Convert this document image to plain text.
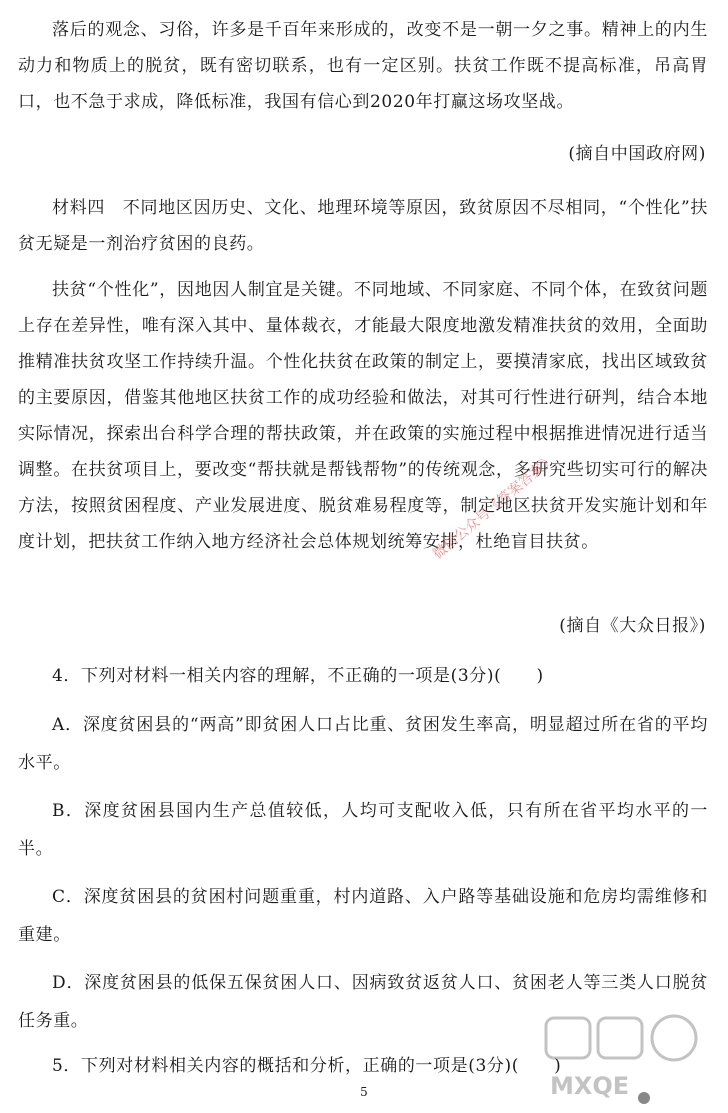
落后的观念、习俗，许多是千百年来形成的，改变不是一朝一夕之事。精神上的内生动力和物质上的脱贫，既有密切联系，也有一定区别。扶贫工作既不提高标准，吊高胃口，也不急于求成，降低标准，我国有信心到2020年打赢这场攻坚战。

(摘自中国政府网)

材料四　不同地区因历史、文化、地理环境等原因，致贫原因不尽相同，“个性化”扶贫无疑是一剂治疗贫困的良药。

扶贫“个性化”，因地因人制宜是关键。不同地域、不同家庭、不同个体，在致贫问题上存在差异性，唯有深入其中、量体裁衣，才能最大限度地激发精准扶贫的效用，全面助推精准扶贫攻坚工作持续升温。个性化扶贫在政策的制定上，要摸清家底，找出区域致贫的主要原因，借鉴其他地区扶贫工作的成功经验和做法，对其可行性进行研判，结合本地实际情况，探索出台科学合理的帮扶政策，并在政策的实施过程中根据推进情况进行适当调整。在扶贫项目上，要改变“帮扶就是帮钱帮物”的传统观念，多研究些切实可行的解决方法，按照贫困程度、产业发展进度、脱贫难易程度等，制定地区扶贫开发实施计划和年度计划，把扶贫工作纳入地方经济社会总体规划统筹安排，杜绝盲目扶贫。

(摘自《大众日报》)

4．下列对材料一相关内容的理解，不正确的一项是(3分)(　　)

A．深度贫困县的“两高”即贫困人口占比重、贫困发生率高，明显超过所在省的平均水平。

B．深度贫困县国内生产总值较低，人均可支配收入低，只有所在省平均水平的一半。

C．深度贫困县的贫困村问题重重，村内道路、入户路等基础设施和危房均需维修和重建。

D．深度贫困县的低保五保贫困人口、因病致贫返贫人口、贫困老人等三类人口脱贫任务重。

5．下列对材料相关内容的概括和分析，正确的一项是(3分)(　　)

微信公众号《答案答案》
MXQE
5
